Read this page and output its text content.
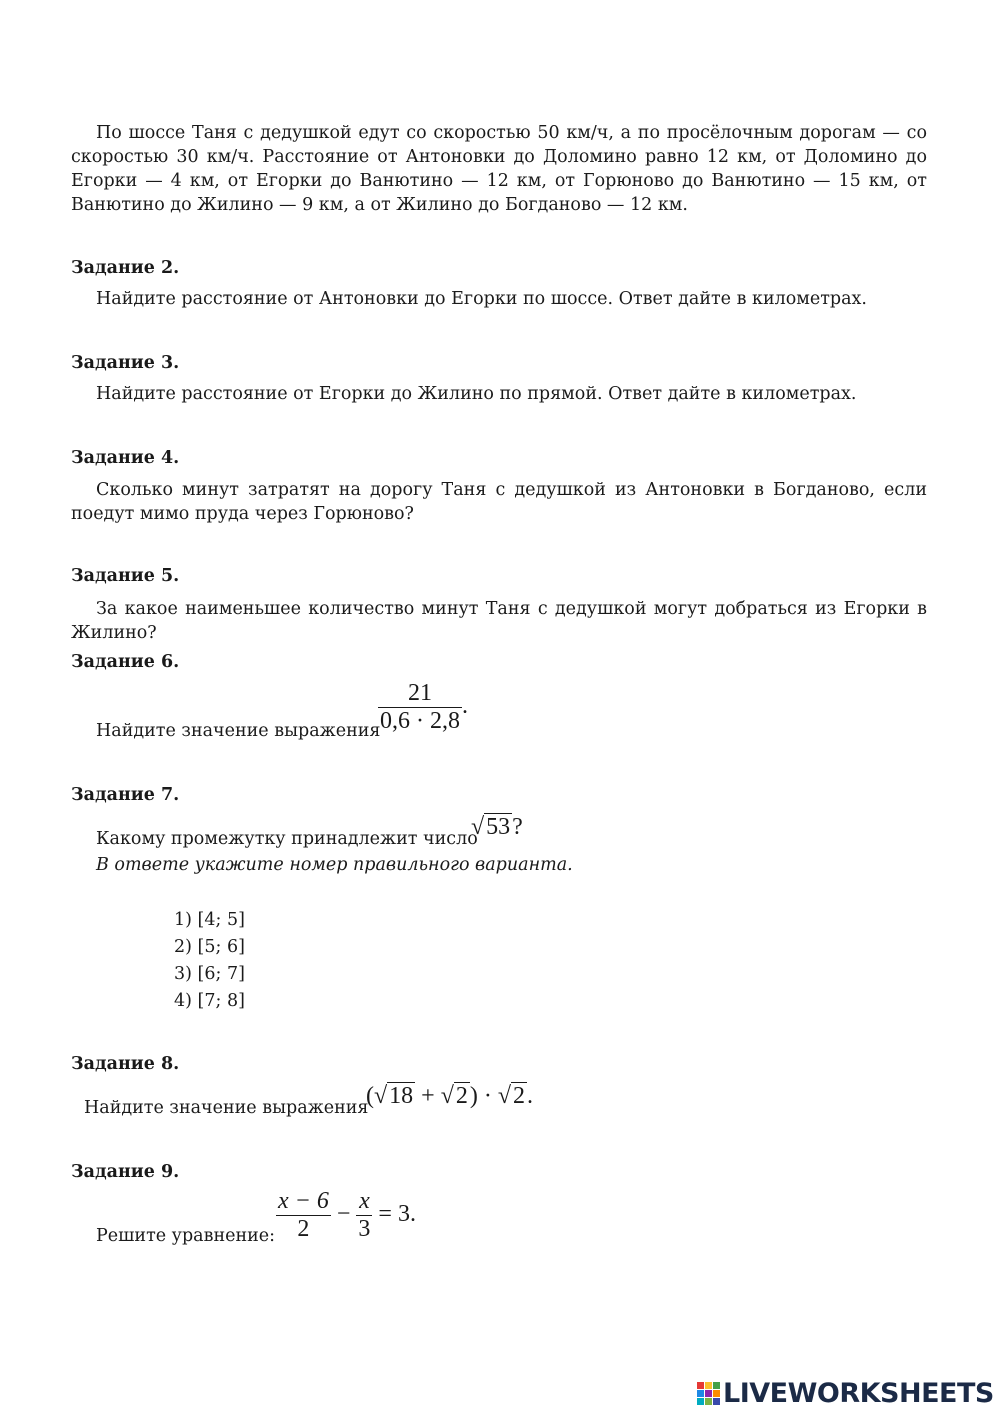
По шоссе Таня с дедушкой едут со скоростью 50 км/ч, а по просёлочным дорогам — со скоростью 30 км/ч. Расстояние от Антоновки до Доломино равно 12 км, от Доломино до Егорки — 4 км, от Егорки до Ванютино — 12 км, от Горюново до Ванютино — 15 км, от Ванютино до Жилино — 9 км, а от Жилино до Богданово — 12 км.
Задание 2.
Найдите расстояние от Антоновки до Егорки по шоссе. Ответ дайте в километрах.
Задание 3.
Найдите расстояние от Егорки до Жилино по прямой. Ответ дайте в километрах.
Задание 4.
Сколько минут затратят на дорогу Таня с дедушкой из Антоновки в Богданово, если поедут мимо пруда через Горюново?
Задание 5.
За какое наименьшее количество минут Таня с дедушкой могут добраться из Егорки в Жилино?
Задание 6.
Найдите значение выражения
$\frac{21}{0,6 \cdot 2,8}$ .
Задание 7.
Какому промежутку принадлежит число
√53?
В ответе укажите номер правильного варианта.
1) [4; 5]
2) [5; 6]
3) [6; 7]
4) [7; 8]
Задание 8.
Найдите значение выражения
(√18 + √2) · √2.
Задание 9.
Решите уравнение: $\frac{x - 6}{2} - \frac{x}{3} = 3$.
LIVEWORKSHEETS
